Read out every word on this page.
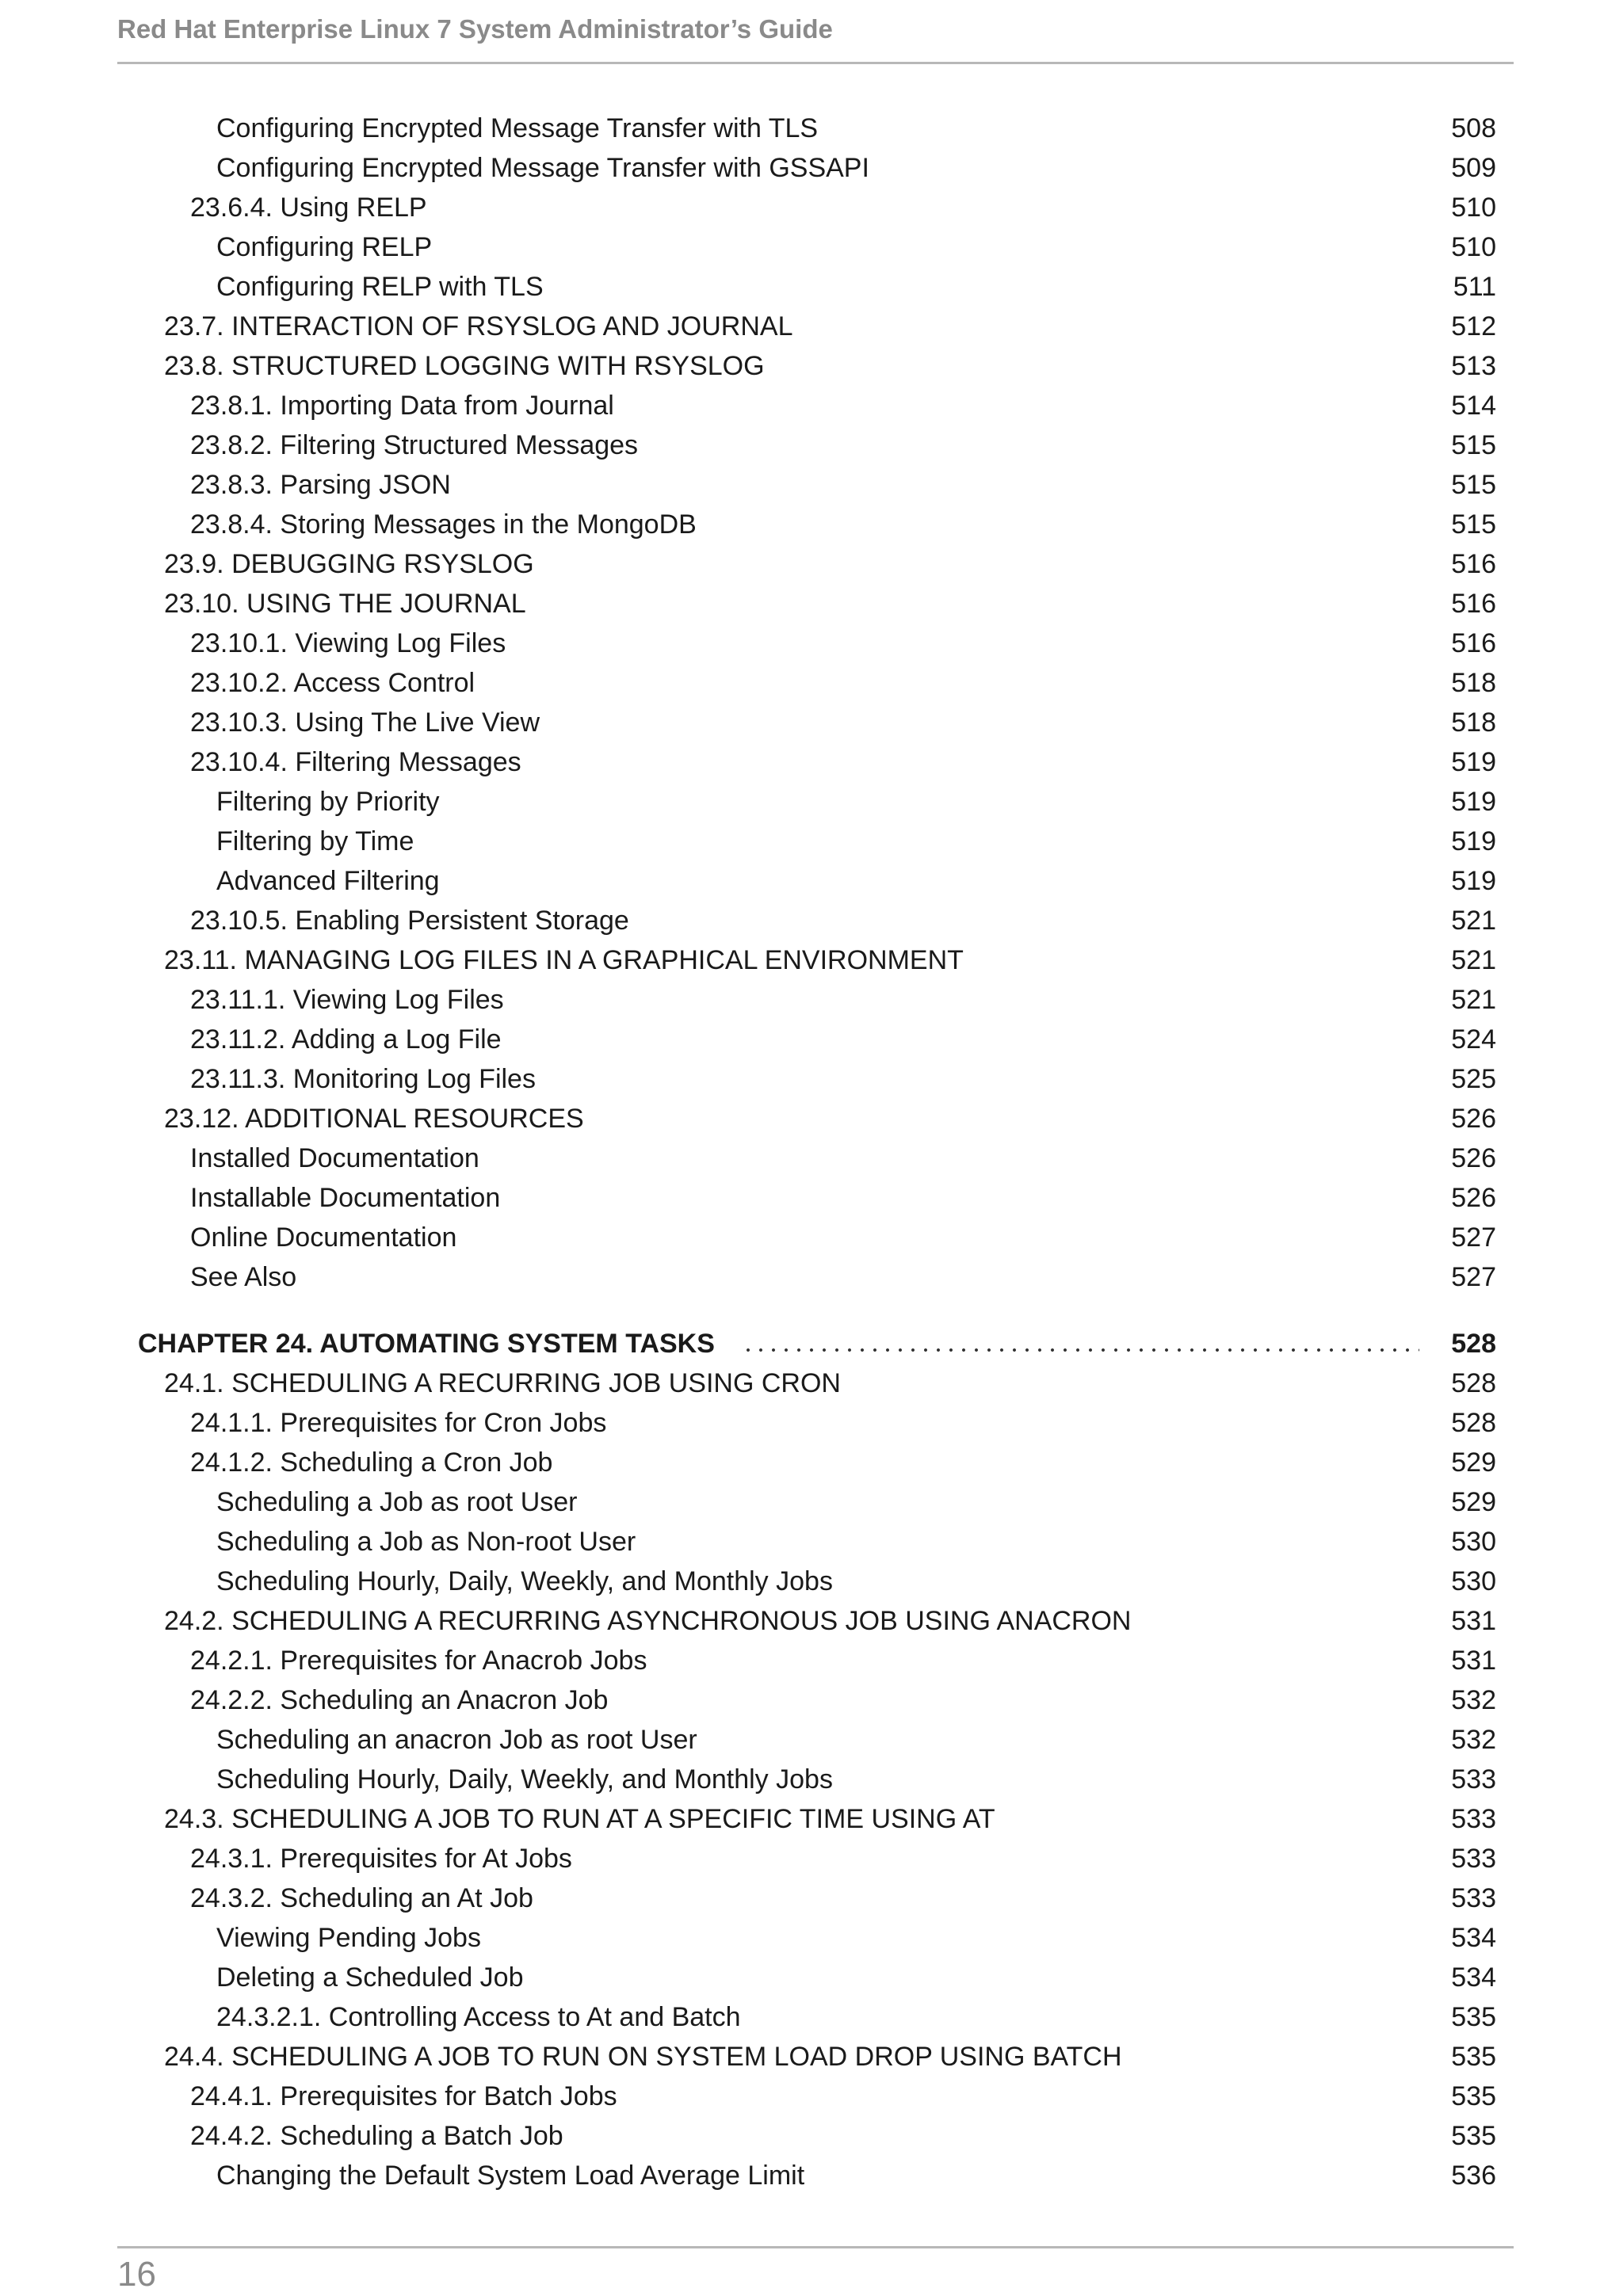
Red Hat Enterprise Linux 7 System Administrator’s Guide
Configuring Encrypted Message Transfer with TLS	508
Configuring Encrypted Message Transfer with GSSAPI	509
23.6.4. Using RELP	510
Configuring RELP	510
Configuring RELP with TLS	511
23.7. INTERACTION OF RSYSLOG AND JOURNAL	512
23.8. STRUCTURED LOGGING WITH RSYSLOG	513
23.8.1. Importing Data from Journal	514
23.8.2. Filtering Structured Messages	515
23.8.3. Parsing JSON	515
23.8.4. Storing Messages in the MongoDB	515
23.9. DEBUGGING RSYSLOG	516
23.10. USING THE JOURNAL	516
23.10.1. Viewing Log Files	516
23.10.2. Access Control	518
23.10.3. Using The Live View	518
23.10.4. Filtering Messages	519
Filtering by Priority	519
Filtering by Time	519
Advanced Filtering	519
23.10.5. Enabling Persistent Storage	521
23.11. MANAGING LOG FILES IN A GRAPHICAL ENVIRONMENT	521
23.11.1. Viewing Log Files	521
23.11.2. Adding a Log File	524
23.11.3. Monitoring Log Files	525
23.12. ADDITIONAL RESOURCES	526
Installed Documentation	526
Installable Documentation	526
Online Documentation	527
See Also	527
CHAPTER 24. AUTOMATING SYSTEM TASKS	528
24.1. SCHEDULING A RECURRING JOB USING CRON	528
24.1.1. Prerequisites for Cron Jobs	528
24.1.2. Scheduling a Cron Job	529
Scheduling a Job as root User	529
Scheduling a Job as Non-root User	530
Scheduling Hourly, Daily, Weekly, and Monthly Jobs	530
24.2. SCHEDULING A RECURRING ASYNCHRONOUS JOB USING ANACRON	531
24.2.1. Prerequisites for Anacrob Jobs	531
24.2.2. Scheduling an Anacron Job	532
Scheduling an anacron Job as root User	532
Scheduling Hourly, Daily, Weekly, and Monthly Jobs	533
24.3. SCHEDULING A JOB TO RUN AT A SPECIFIC TIME USING AT	533
24.3.1. Prerequisites for At Jobs	533
24.3.2. Scheduling an At Job	533
Viewing Pending Jobs	534
Deleting a Scheduled Job	534
24.3.2.1. Controlling Access to At and Batch	535
24.4. SCHEDULING A JOB TO RUN ON SYSTEM LOAD DROP USING BATCH	535
24.4.1. Prerequisites for Batch Jobs	535
24.4.2. Scheduling a Batch Job	535
Changing the Default System Load Average Limit	536
16
